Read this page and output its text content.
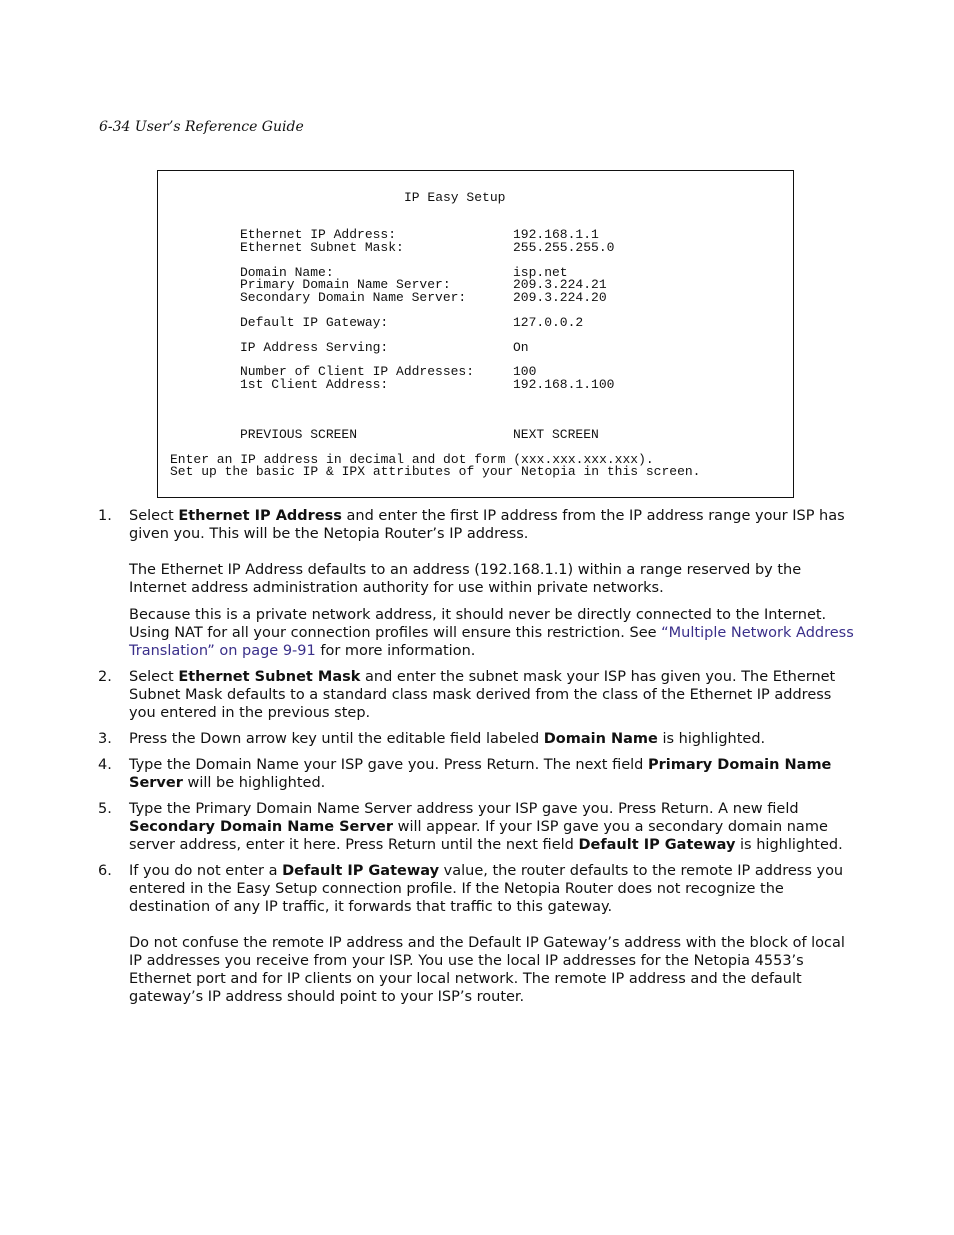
6-34 User’s Reference Guide
IP Easy Setup
Ethernet IP Address:	192.168.1.1
Ethernet Subnet Mask:	255.255.255.0
Domain Name:	isp.net
Primary Domain Name Server:	209.3.224.21
Secondary Domain Name Server:	209.3.224.20
Default IP Gateway:	127.0.0.2
IP Address Serving:	On
Number of Client IP Addresses:	100
1st Client Address:	192.168.1.100
PREVIOUS SCREEN	NEXT SCREEN
Enter an IP address in decimal and dot form (xxx.xxx.xxx.xxx).
Set up the basic IP & IPX attributes of your Netopia in this screen.
1. Select Ethernet IP Address and enter the first IP address from the IP address range your ISP has given you. This will be the Netopia Router’s IP address.

The Ethernet IP Address defaults to an address (192.168.1.1) within a range reserved by the Internet address administration authority for use within private networks.

Because this is a private network address, it should never be directly connected to the Internet. Using NAT for all your connection profiles will ensure this restriction. See “Multiple Network Address Translation” on page 9-91 for more information.

2. Select Ethernet Subnet Mask and enter the subnet mask your ISP has given you. The Ethernet Subnet Mask defaults to a standard class mask derived from the class of the Ethernet IP address you entered in the previous step.

3. Press the Down arrow key until the editable field labeled Domain Name is highlighted.

4. Type the Domain Name your ISP gave you. Press Return. The next field Primary Domain Name Server will be highlighted.

5. Type the Primary Domain Name Server address your ISP gave you. Press Return. A new field Secondary Domain Name Server will appear. If your ISP gave you a secondary domain name server address, enter it here. Press Return until the next field Default IP Gateway is highlighted.

6. If you do not enter a Default IP Gateway value, the router defaults to the remote IP address you entered in the Easy Setup connection profile. If the Netopia Router does not recognize the destination of any IP traffic, it forwards that traffic to this gateway.

Do not confuse the remote IP address and the Default IP Gateway’s address with the block of local IP addresses you receive from your ISP. You use the local IP addresses for the Netopia 4553’s Ethernet port and for IP clients on your local network. The remote IP address and the default gateway’s IP address should point to your ISP’s router.
